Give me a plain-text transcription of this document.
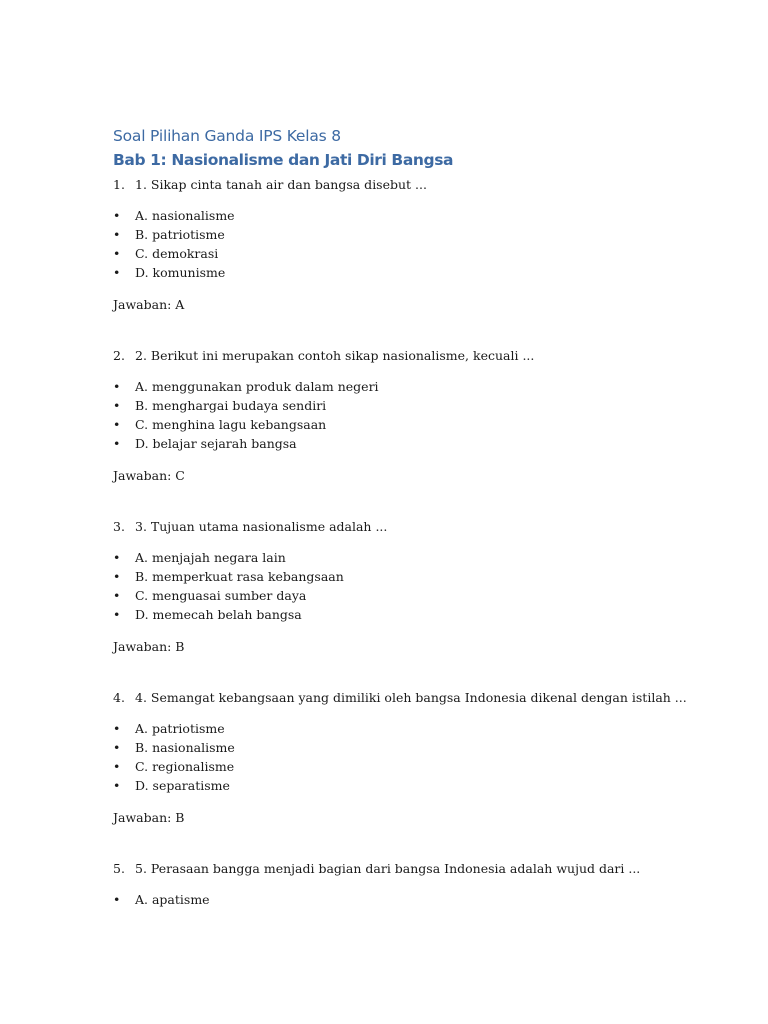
Soal Pilihan Ganda IPS Kelas 8
Bab 1: Nasionalisme dan Jati Diri Bangsa
1. 1. Sikap cinta tanah air dan bangsa disebut ...
•	A. nasionalisme
•	B. patriotisme
•	C. demokrasi
•	D. komunisme
Jawaban: A
2. 2. Berikut ini merupakan contoh sikap nasionalisme, kecuali ...
•	A. menggunakan produk dalam negeri
•	B. menghargai budaya sendiri
•	C. menghina lagu kebangsaan
•	D. belajar sejarah bangsa
Jawaban: C
3. 3. Tujuan utama nasionalisme adalah ...
•	A. menjajah negara lain
•	B. memperkuat rasa kebangsaan
•	C. menguasai sumber daya
•	D. memecah belah bangsa
Jawaban: B
4. 4. Semangat kebangsaan yang dimiliki oleh bangsa Indonesia dikenal dengan istilah ...
•	A. patriotisme
•	B. nasionalisme
•	C. regionalisme
•	D. separatisme
Jawaban: B
5. 5. Perasaan bangga menjadi bagian dari bangsa Indonesia adalah wujud dari ...
•	A. apatisme
